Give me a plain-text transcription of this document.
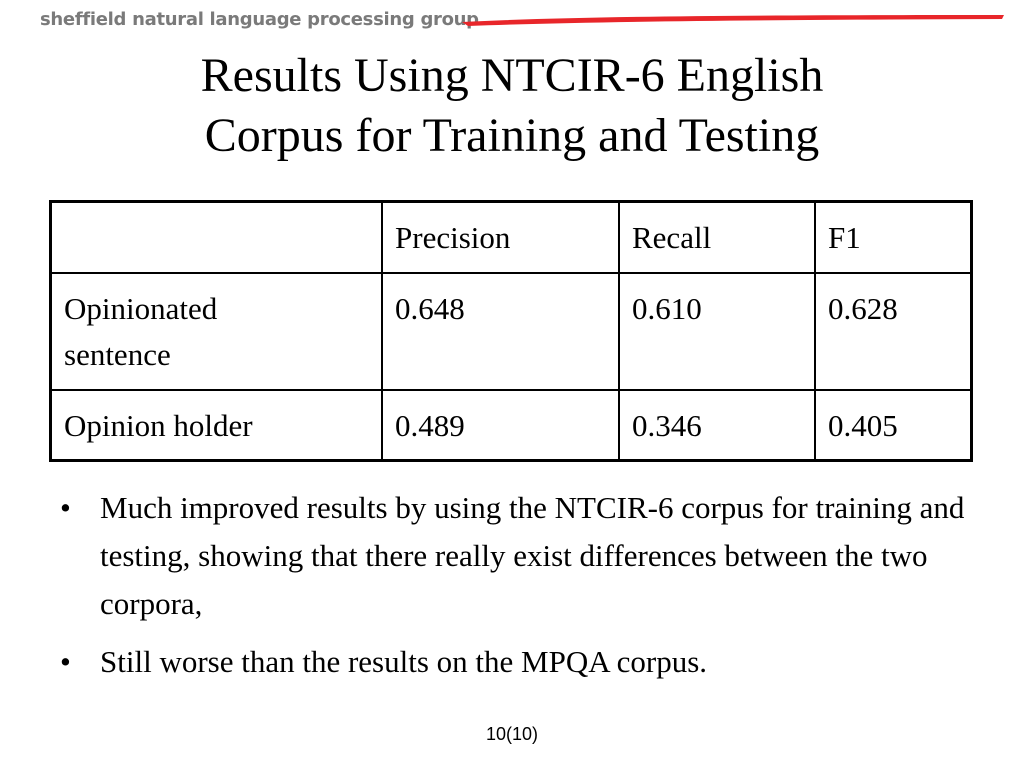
sheffield natural language processing group
Results Using NTCIR-6 English
Corpus for Training and Testing
	Precision	Recall	F1

Opinionated
sentence	0.648	0.610	0.628
Opinion holder	0.489	0.346	0.405
• Much improved results by using the NTCIR-6 corpus for training and testing, showing that there really exist differences between the two corpora,
• Still worse than the results on the MPQA corpus.
10(10)
